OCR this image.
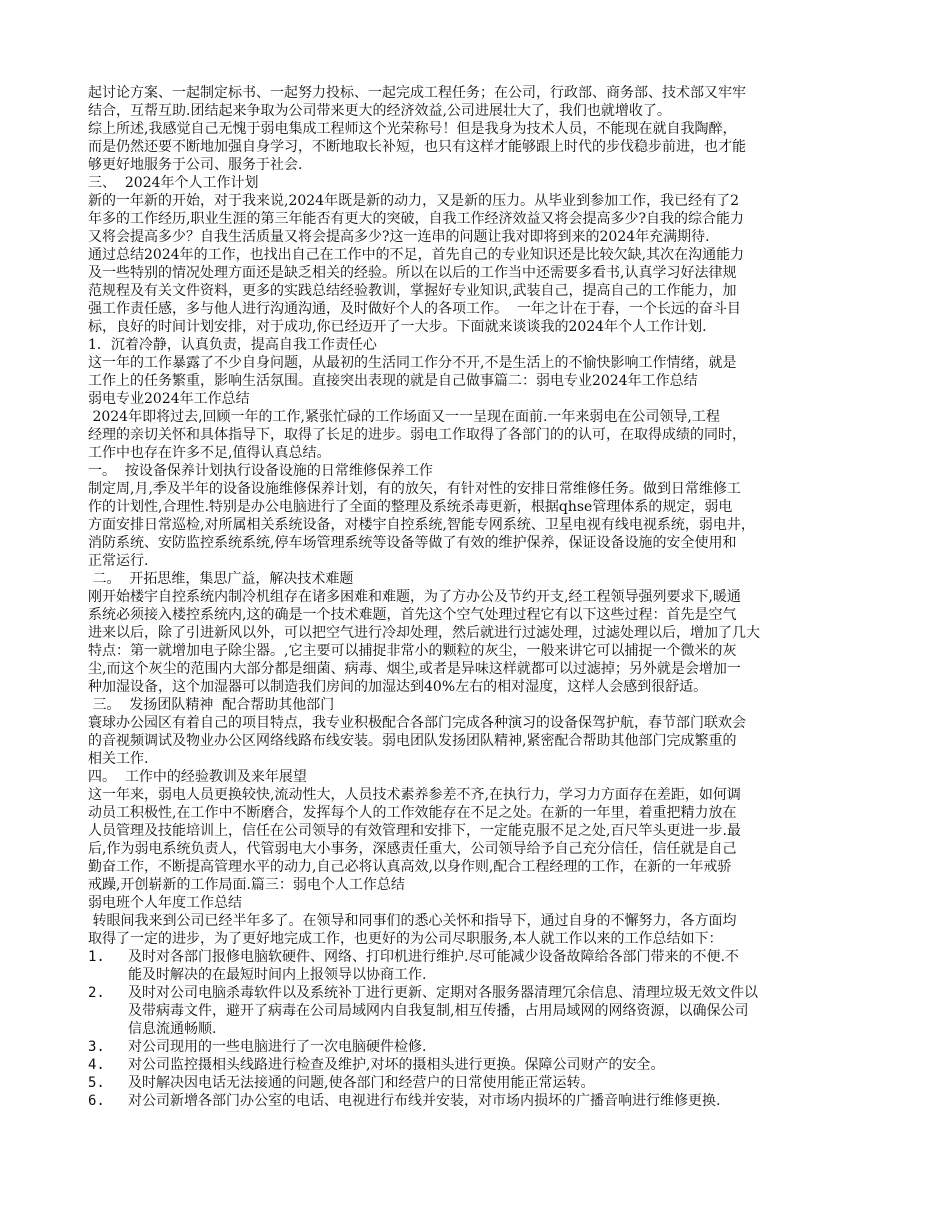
起讨论方案、一起制定标书、一起努力投标、一起完成工程任务；在公司，行政部、商务部、技术部又牢牢

结合，互帮互助.团结起来争取为公司带来更大的经济效益,公司进展壮大了，我们也就增收了。

综上所述,我感觉自己无愧于弱电集成工程师这个光荣称号！但是我身为技术人员，不能现在就自我陶醉，

而是仍然还要不断地加强自身学习，不断地取长补短，也只有这样才能够跟上时代的步伐稳步前进，也才能

够更好地服务于公司、服务于社会.

三、  2024年个人工作计划

新的一年新的开始，对于我来说,2024年既是新的动力，又是新的压力。从毕业到参加工作，我已经有了2

年多的工作经历,职业生涯的第三年能否有更大的突破，自我工作经济效益又将会提高多少?自我的综合能力

又将会提高多少？自我生活质量又将会提高多少?这一连串的问题让我对即将到来的2024年充满期待.

通过总结2024年的工作，也找出自己在工作中的不足，首先自己的专业知识还是比较欠缺,其次在沟通能力

及一些特别的情况处理方面还是缺乏相关的经验。所以在以后的工作当中还需要多看书,认真学习好法律规

范规程及有关文件资料，更多的实践总结经验教训，掌握好专业知识,武装自己，提高自己的工作能力，加

强工作责任感，多与他人进行沟通沟通，及时做好个人的各项工作。  一年之计在于春，一个长远的奋斗目

标，良好的时间计划安排，对于成功,你已经迈开了一大步。下面就来谈谈我的2024年个人工作计划.

1．沉着冷静，认真负责，提高自我工作责任心

这一年的工作暴露了不少自身问题，从最初的生活同工作分不开,不是生活上的不愉快影响工作情绪，就是

工作上的任务繁重，影响生活氛围。直接突出表现的就是自己做事篇二：弱电专业2024年工作总结

弱电专业2024年工作总结

2024年即将过去,回顾一年的工作,紧张忙碌的工作场面又一一呈现在面前.一年来弱电在公司领导,工程

经理的亲切关怀和具体指导下，取得了长足的进步。弱电工作取得了各部门的的认可，在取得成绩的同时，

工作中也存在许多不足,值得认真总结。

一。  按设备保养计划执行设备设施的日常维修保养工作

制定周,月,季及半年的设备设施维修保养计划，有的放矢，有针对性的安排日常维修任务。做到日常维修工

作的计划性,合理性.特别是办公电脑进行了全面的整理及系统杀毒更新，根据qhse管理体系的规定，弱电

方面安排日常巡检,对所属相关系统设备，对楼宇自控系统,智能专网系统、卫星电视有线电视系统，弱电井，

消防系统、安防监控系统系统,停车场管理系统等设备等做了有效的维护保养，保证设备设施的安全使用和

正常运行.

二。  开拓思维，集思广益，解决技术难题

刚开始楼宇自控系统内制冷机组存在诸多困难和难题，为了方办公及节约开支,经工程领导强列要求下,暖通

系统必须接入楼控系统内,这的确是一个技术难题，首先这个空气处理过程它有以下这些过程：首先是空气

进来以后，除了引进新风以外，可以把空气进行冷却处理，然后就进行过滤处理，过滤处理以后，增加了几大

特点：第一就增加电子除尘器。,它主要可以捕捉非常小的颗粒的灰尘，一般来讲它可以捕捉一个微米的灰

尘,而这个灰尘的范围内大部分都是细菌、病毒、烟尘,或者是异味这样就都可以过滤掉；另外就是会增加一

种加湿设备，这个加湿器可以制造我们房间的加湿达到40%左右的相对湿度，这样人会感到很舒适。

三。  发扬团队精神  配合帮助其他部门

寰球办公园区有着自己的项目特点，我专业积极配合各部门完成各种演习的设备保驾护航，春节部门联欢会

的音视频调试及物业办公区网络线路布线安装。弱电团队发扬团队精神,紧密配合帮助其他部门完成繁重的

相关工作.

四。  工作中的经验教训及来年展望

这一年来，弱电人员更换较快,流动性大，人员技术素养参差不齐,在执行力，学习力方面存在差距，如何调

动员工积极性,在工作中不断磨合，发挥每个人的工作效能存在不足之处。在新的一年里，着重把精力放在

人员管理及技能培训上，信任在公司领导的有效管理和安排下，一定能克服不足之处,百尺竿头更进一步.最

后,作为弱电系统负责人，代管弱电大小事务，深感责任重大，公司领导给予自己充分信任，信任就是自己

勤奋工作，不断提高管理水平的动力,自己必将认真高效,以身作则,配合工程经理的工作，在新的一年戒骄

戒躁,开创崭新的工作局面.篇三：弱电个人工作总结

弱电班个人年度工作总结

转眼间我来到公司已经半年多了。在领导和同事们的悉心关怀和指导下，通过自身的不懈努力，各方面均

取得了一定的进步，为了更好地完成工作，也更好的为公司尽职服务,本人就工作以来的工作总结如下：

1.	及时对各部门报修电脑软硬件、网络、打印机进行维护.尽可能减少设备故障给各部门带来的不便.不

能及时解决的在最短时间内上报领导以协商工作.

2.	及时对公司电脑杀毒软件以及系统补丁进行更新、定期对各服务器清理冗余信息、清理垃圾无效文件以

及带病毒文件，避开了病毒在公司局域网内自我复制,相互传播，占用局域网的网络资源，以确保公司

信息流通畅顺.

3.	对公司现用的一些电脑进行了一次电脑硬件检修.

4.	对公司监控摄相头线路进行检查及维护,对坏的摄相头进行更换。保障公司财产的安全。

5.	及时解决因电话无法接通的问题,使各部门和经营户的日常使用能正常运转。

6.	对公司新增各部门办公室的电话、电视进行布线并安装，对市场内损坏的广播音响进行维修更换.
